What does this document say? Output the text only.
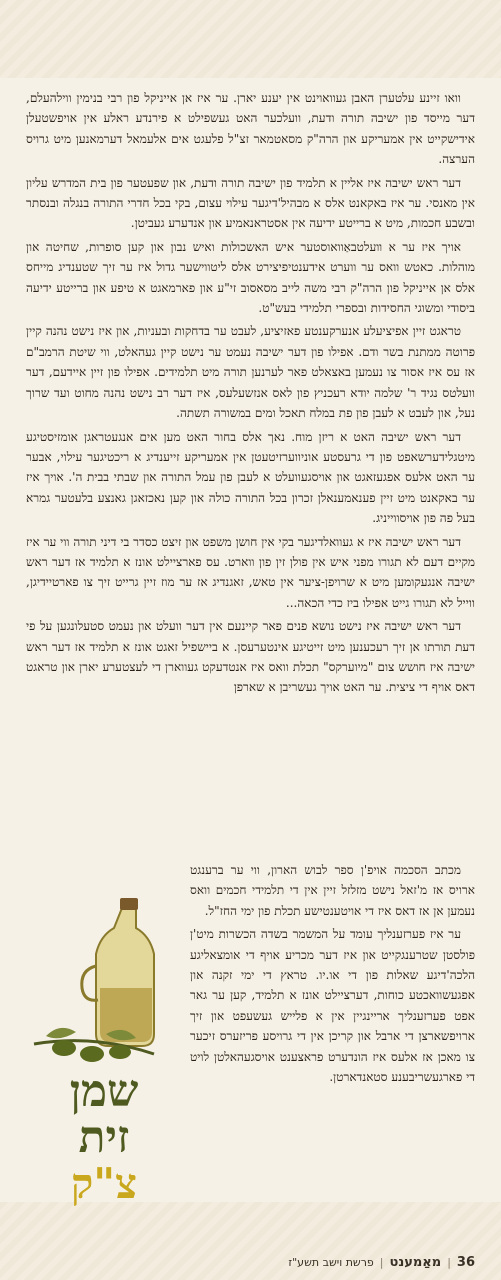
וואו זיינע עלטערן האבן געוואוינט אין יענע יארן. ער איז אן אייניקל פון רבי בנימין ווילהעלם, דער מייסד פון ישיבה תורה ודעת, וועלכער האט געשפילט א פירנדע ראלע אין אויפשטעלן אידישקייט אין אמעריקע און הרה"ק מסאטמאר זצ"ל פלעגט אים אלעמאל דערמאנען מיט גרויס הערצה.

דער ראש ישיבה איז אליין א תלמיד פון ישיבה תורה ודעת, און שפעטער פון בית המדרש עליון אין מאנסי. ער איז באקאנט אלס א מבהיל'דיגער עילוי עצום, בקי בכל חדרי התורה בנגלה ובנסתר ובשבע חכמות, מיט א ברייטע ידיעה אין אסטראנאמיע און אנדערע געביטן.

אויך איז ער א װעלטבאַוואוסטער איש האשכולות ואיש נבון און קען סופרות, שחיטה און מוהלות. כאטש וואס ער ווערט אידענטיפיצירט אלס ליטווישער גדול איז ער זיך שטענדיג מייחס אלס אן אייניקל פון הרה"ק רבי משה לייב מסאסוב זי"ע און פארמאגט א טיפע און ברייטע ידיעה ביסודי ומשוגי החסידות ובספרי תלמידי בעש"ט.

טראגט זיין אפיציעלע אנערקענטע פאזיציע, לעבט ער בדחקות ובעניות, און איז נישט נהנה קיין פרוטה ממתנת בשר ודם. אפילו פון דער ישיבה נעמט ער נישט קיין געהאלט, ווי שיטת הרמב"ם אז עס איז אסור צו נעמען באצאלט פאר לערנען תורה מיט תלמידים. אפילו פון זיין איידעם, דער וועלטס נגיד ר' שלמה יודא רעכניץ פון לאס אנזשעלעס, איז דער רב נישט נהנה מחוט ועד שרוך נעל, און לעבט א לעבן פון פת במלח תאכל ומים במשורה תשתה.

דער ראש ישיבה האט א ריזן מוח. נאך אלס בחור האט מען אים אנגעטראגן אומזיסטיגע מיטגלידערשאפט פון די גרעסטע אוניווערזיטעטן אין אמעריקע זייענדיג א ריכטיגער עילוי, אבער ער האט אלעס אפגעזאגט און אויסגעוועלט א לעבן פון עמל התורה און שבתי בבית ה'. אויך איז ער באקאנט מיט זיין פענאמענאלן זכרון בכל התורה כולה און קען נאכזאגן גאנצע בלעטער גמרא בעל פה פון אויסווייניג.

דער ראש ישיבה איז א געוואלדיגער בקי אין חושן משפט און זיצט כסדר בי דיני תורה ווי ער איז מקיים דעם לא תגורו מפני איש אין פולן זין פון ווארט. עס פארציילט אונז א תלמיד אז דער ראש ישיבה אנגעקומען מיט א שרויפן-ציער אין טאש, זאגנדיג אז ער מוז זיין גרייט זיך צו פארטיידיגן, ווייל לא תגורו גייט אפילו ביז כדי הכאה...

דער ראש ישיבה איז נישט נושא פנים פאר קיינעם אין דער וועלט און נעמט סטעלונגען על פי דעת תורתו אן זיך רעכענען מיט זייטיגע אינטערעסן. א ביישפיל זאגט אונז א תלמיד אז דער ראש ישיבה איז חושש צום "מיוערקס" תכלת וואס איז אנטדעקט געווארן די לעצטערע יארן און טראגט דאס אויף די ציצית. ער האט אויך געשריבן א שארפן

מכתב הסכמה אויפ'ן ספר לבוש הארון, ווי ער ברענגט ארויס אז מ'זאל נישט מזלזל זיין אין די תלמידי חכמים וואס נעמען אן אז דאס איז די אויטענטישע תכלת פון ימי החז"ל.

ער איז פערזענליך עומד על המשמר בשדה הכשרות מיט'ן פולסטן שטרענגקייט און איז דער מכריע אויף די אומצאליגע הלכה'דיגע שאלות פון די או.יו. טראץ די ימי זקנה און אפגעשוואכטע כוחות, דערציילט אונז א תלמיד, קען ער גאר אפט פערזענליך אריינגיין אין א פלייש געשעפט און זיך ארויפשארצן די ארבל און קריכן אין די גרויסע פריזערס זיכער צו מאכן אז אלעס איז הונדערט פראצענט אויסגעהאלטן לויט די פארגעשריבענע סטאנדארטן.

שמן
זית
צ"ק
36
|
מאַמענט
|
פרשת וישב תשע"ז
